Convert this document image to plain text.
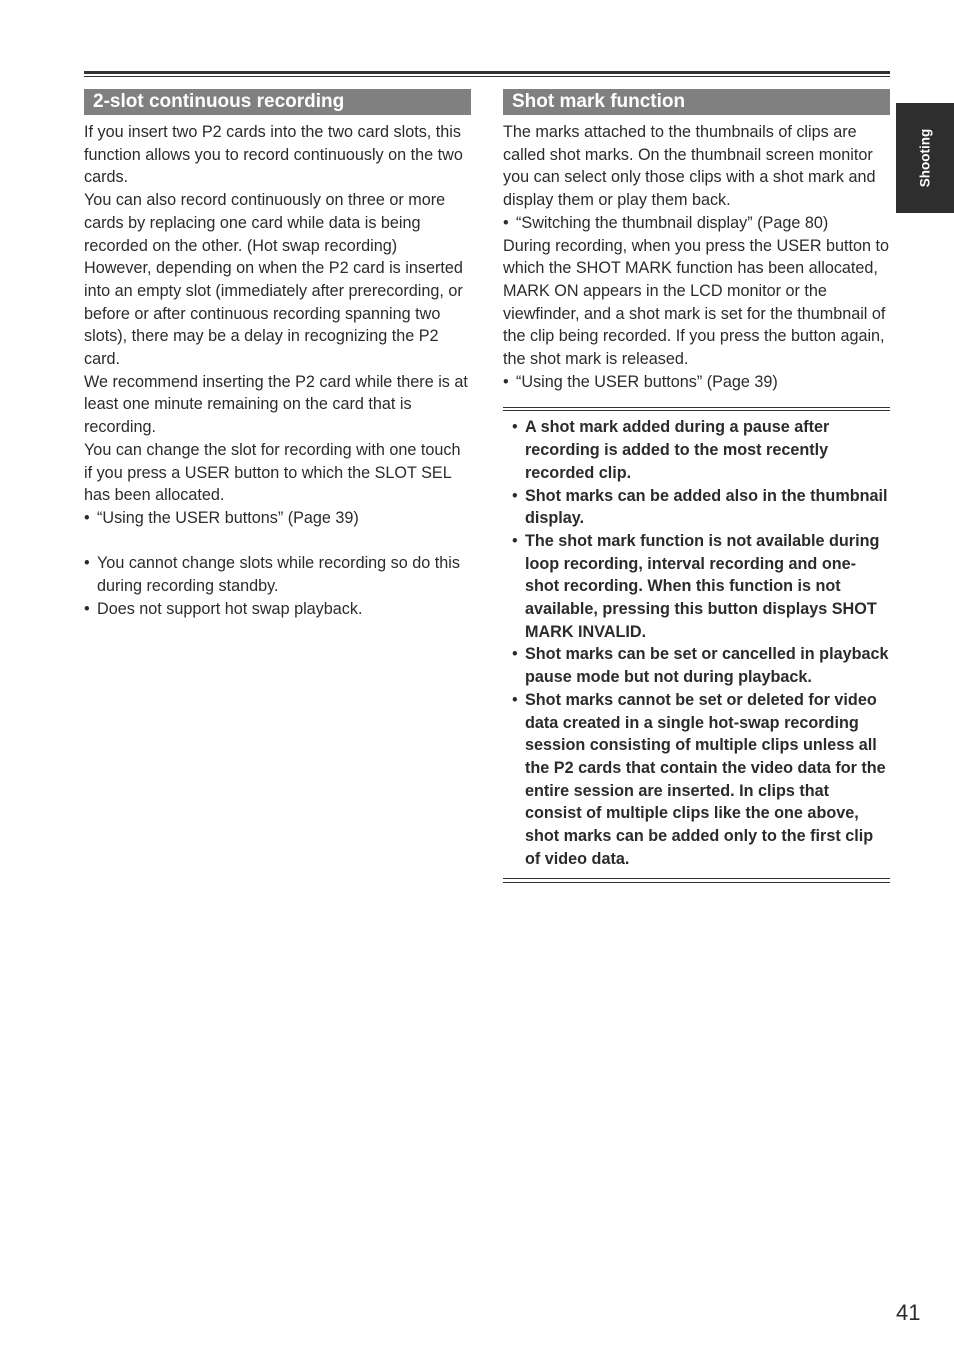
2-slot continuous recording

If you insert two P2 cards into the two card slots, this function allows you to record continuously on the two cards.

You can also record continuously on three or more cards by replacing one card while data is being recorded on the other. (Hot swap recording)

However, depending on when the P2 card is inserted into an empty slot (immediately after prerecording, or before or after continuous recording spanning two slots), there may be a delay in recognizing the P2 card.

We recommend inserting the P2 card while there is at least one minute remaining on the card that is recording.

You can change the slot for recording with one touch if you press a USER button to which the SLOT SEL has been allocated.

• “Using the USER buttons” (Page 39)

• You cannot change slots while recording so do this during recording standby.

• Does not support hot swap playback.

Shot mark function

The marks attached to the thumbnails of clips are called shot marks. On the thumbnail screen monitor you can select only those clips with a shot mark and display them or play them back.

• “Switching the thumbnail display” (Page 80)

During recording, when you press the USER button to which the SHOT MARK function has been allocated, MARK ON appears in the LCD monitor or the viewfinder, and a shot mark is set for the thumbnail of the clip being recorded. If you press the button again, the shot mark is released.

• “Using the USER buttons” (Page 39)

• A shot mark added during a pause after recording is added to the most recently recorded clip.
• Shot marks can be added also in the thumbnail display.
• The shot mark function is not available during loop recording, interval recording and one-shot recording. When this function is not available, pressing this button displays SHOT MARK INVALID.
• Shot marks can be set or cancelled in playback pause mode but not during playback.
• Shot marks cannot be set or deleted for video data created in a single hot-swap recording session consisting of multiple clips unless all the P2 cards that contain the video data for the entire session are inserted. In clips that consist of multiple clips like the one above, shot marks can be added only to the first clip of video data.
Shooting
41
